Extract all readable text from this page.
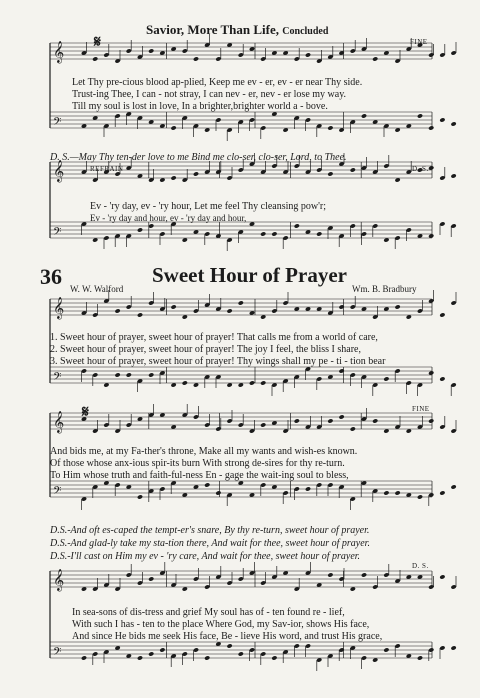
𝄞
𝄢
𝄞
𝄢
𝄞
𝄢
𝄞
𝄢
𝄞
𝄢
Savior, More Than Life, Concluded
𝄋	FINE
Let Thy pre-cious blood ap-plied, Keep me ev - er, ev - er near Thy side.
Trust-ing Thee, I can - not stray, I can nev - er, nev - er lose my way.
Till my soul is lost in love, In a brighter,brighter world a - bove.
D. S.—May Thy ten-der love to me Bind me clo-ser, clo-ser, Lord, to Thee.
REFRAIN	D. S.
Ev - 'ry day, ev - 'ry hour, Let me feel Thy cleansing pow'r;
Ev - 'ry day and hour, ev - 'ry day and hour,
36	Sweet Hour of Prayer
W. W. Walford	Wm. B. Bradbury
1. Sweet hour of prayer, sweet hour of prayer! That calls me from a world of care,
2. Sweet hour of prayer, sweet hour of prayer! The joy I feel, the bliss I share,
3. Sweet hour of prayer, sweet hour of prayer! Thy wings shall my pe - ti - tion bear
𝄋	FINE
And bids me, at my Fa-ther's throne, Make all my wants and wish-es known.
Of those whose anx-ious spir-its burn With strong de-sires for thy re-turn.
To Him whose truth and faith-ful-ness En - gage the wait-ing soul to bless,
D.S.-And oft es-caped the tempt-er's snare, By thy re-turn, sweet hour of prayer.
D.S.-And glad-ly take my sta-tion there, And wait for thee, sweet hour of prayer.
D.S.-I'll cast on Him my ev - 'ry care, And wait for thee, sweet hour of prayer.
D. S.
In sea-sons of dis-tress and grief My soul has of - ten found re - lief,
With such I has - ten to the place Where God, my Sav-ior, shows His face,
And since He bids me seek His face, Be - lieve His word, and trust His grace,
